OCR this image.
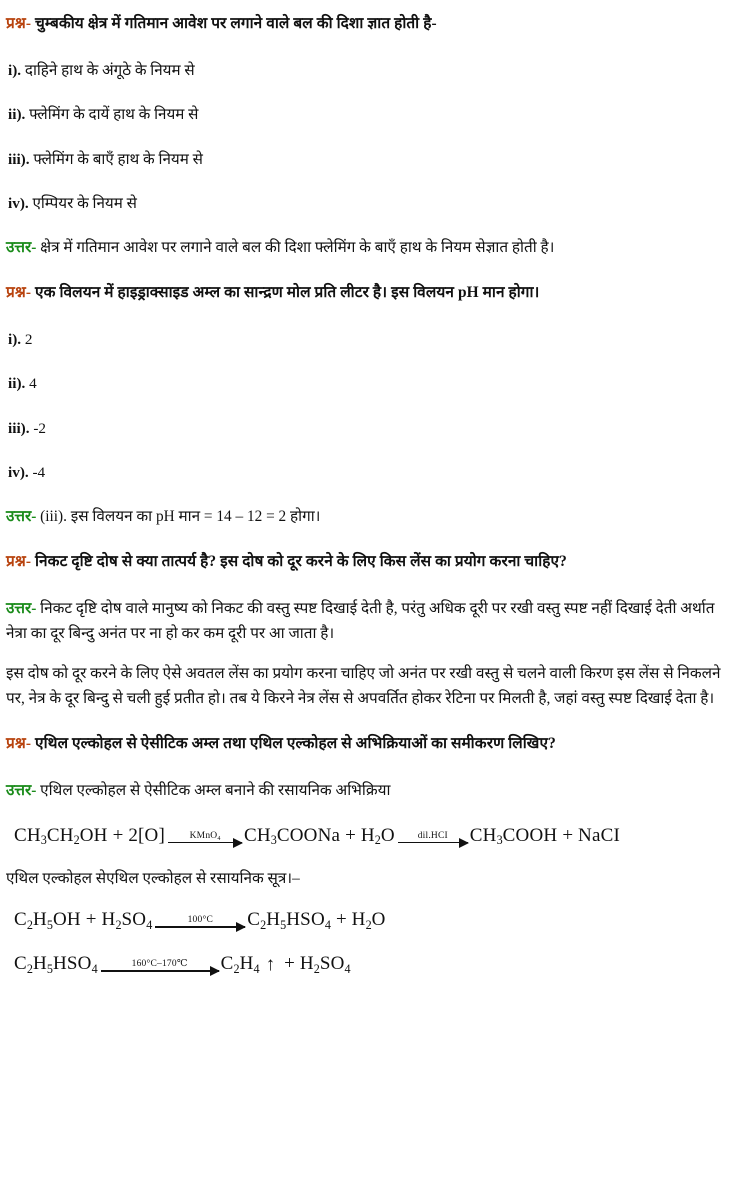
प्रश्न- चुम्बकीय क्षेत्र में गतिमान आवेश पर लगाने वाले बल की दिशा ज्ञात होती है-

i). दाहिने हाथ के अंगूठे के नियम से

ii). फ्लेमिंग के दायें हाथ के नियम से

iii). फ्लेमिंग के बाएँ हाथ के नियम से

iv). एम्पियर के नियम से

उत्तर- क्षेत्र में गतिमान आवेश पर लगाने वाले बल की दिशा फ्लेमिंग के बाएँ हाथ के नियम सेज्ञात होती है।

प्रश्न- एक विलयन में हाइड्राक्साइड अम्ल का सान्द्रण मोल प्रति लीटर है। इस विलयन pH मान होगा।

i). 2

ii). 4

iii). -2

iv). -4

उत्तर- (iii). इस विलयन का pH मान = 14 – 12 = 2 होगा।

प्रश्न- निकट दृष्टि दोष से क्या तात्पर्य है? इस दोष को दूर करने के लिए किस लेंस का प्रयोग करना चाहिए?

उत्तर- निकट दृष्टि दोष वाले मानुष्य को निकट की वस्तु स्पष्ट दिखाई देती है, परंतु अधिक दूरी पर रखी वस्तु स्पष्ट नहीं दिखाई देती अर्थात नेत्रा का दूर बिन्दु अनंत पर ना हो कर कम दूरी पर आ जाता है।

इस दोष को दूर करने के लिए ऐसे अवतल लेंस का प्रयोग करना चाहिए जो अनंत पर रखी वस्तु से चलने वाली किरण इस लेंस से निकलने पर, नेत्र के दूर बिन्दु से चली हुई प्रतीत हो। तब ये किरने नेत्र लेंस से अपवर्तित होकर रेटिना पर मिलती है, जहां वस्तु स्पष्ट दिखाई देता है।

प्रश्न- एथिल एल्कोहल से ऐसीटिक अम्ल तथा एथिल एल्कोहल से अभिक्रियाओं का समीकरण लिखिए?

उत्तर- एथिल एल्कोहल से ऐसीटिक अम्ल बनाने की रसायनिक अभिक्रिया

$CH_3CH_2OH + 2[O]$	KMnO$_4$ $CH_3COONa + H_2O$ dil.HCI $CH_3COOH$ + NaCI

एथिल एल्कोहल सेएथिल एल्कोहल से रसायनिक सूत्र।–

$C_2H_5OH + H_2SO_4$	100°C $C_2H_5HSO_4 + H_2O$
$C_2H_5HSO_4$	160°C–170℃ $C_2H_4$ ↑ + $H_2SO_4$
